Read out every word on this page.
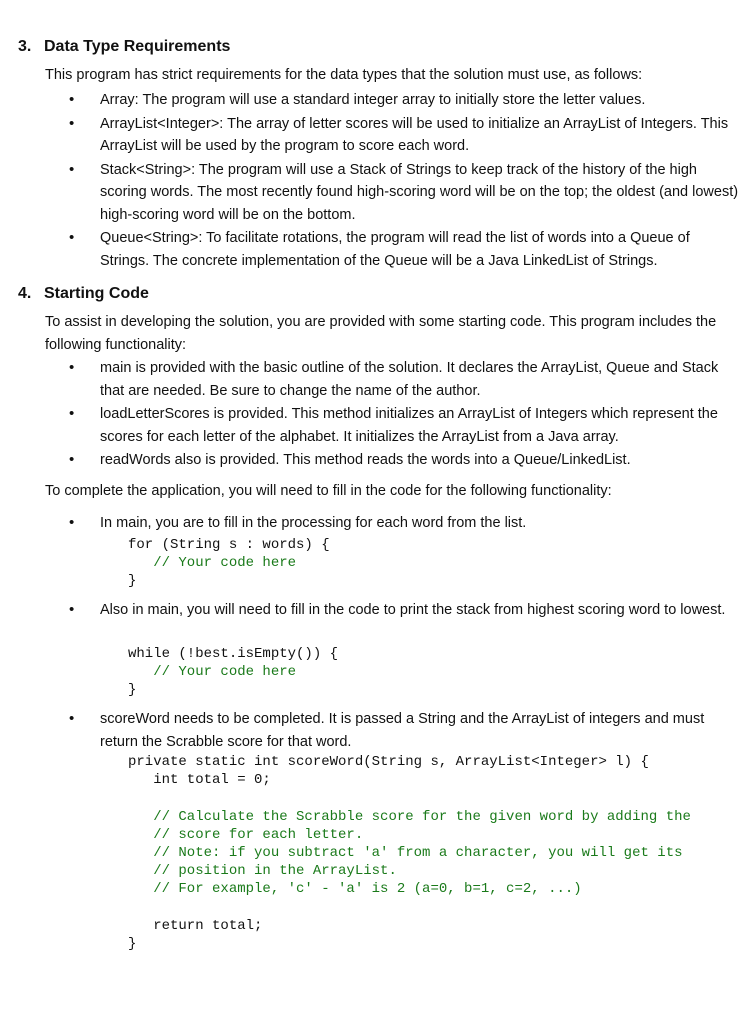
3. Data Type Requirements

This program has strict requirements for the data types that the solution must use, as follows:

• Array: The program will use a standard integer array to initially store the letter values.
• ArrayList<Integer>: The array of letter scores will be used to initialize an ArrayList of Integers. This ArrayList will be used by the program to score each word.
• Stack<String>: The program will use a Stack of Strings to keep track of the history of the high scoring words. The most recently found high-scoring word will be on the top; the oldest (and lowest) high-scoring word will be on the bottom.
• Queue<String>: To facilitate rotations, the program will read the list of words into a Queue of Strings. The concrete implementation of the Queue will be a Java LinkedList of Strings.
4. Starting Code

To assist in developing the solution, you are provided with some starting code. This program includes the following functionality:

• main is provided with the basic outline of the solution. It declares the ArrayList, Queue and Stack that are needed. Be sure to change the name of the author.
• loadLetterScores is provided. This method initializes an ArrayList of Integers which represent the scores for each letter of the alphabet. It initializes the ArrayList from a Java array.
• readWords also is provided. This method reads the words into a Queue/LinkedList.

To complete the application, you will need to fill in the code for the following functionality:

• In main, you are to fill in the processing for each word from the list.
for (String s : words) {
// Your code here
}
• Also in main, you will need to fill in the code to print the stack from highest scoring word to lowest.
while (!best.isEmpty()) {
// Your code here
}
• scoreWord needs to be completed. It is passed a String and the ArrayList of integers and must return the Scrabble score for that word.
private static int scoreWord(String s, ArrayList<Integer> l) {
int total = 0;
// Calculate the Scrabble score for the given word by adding the
// score for each letter.
// Note: if you subtract 'a' from a character, you will get its
// position in the ArrayList.
// For example, 'c' - 'a' is 2 (a=0, b=1, c=2, ...)
return total;
}
